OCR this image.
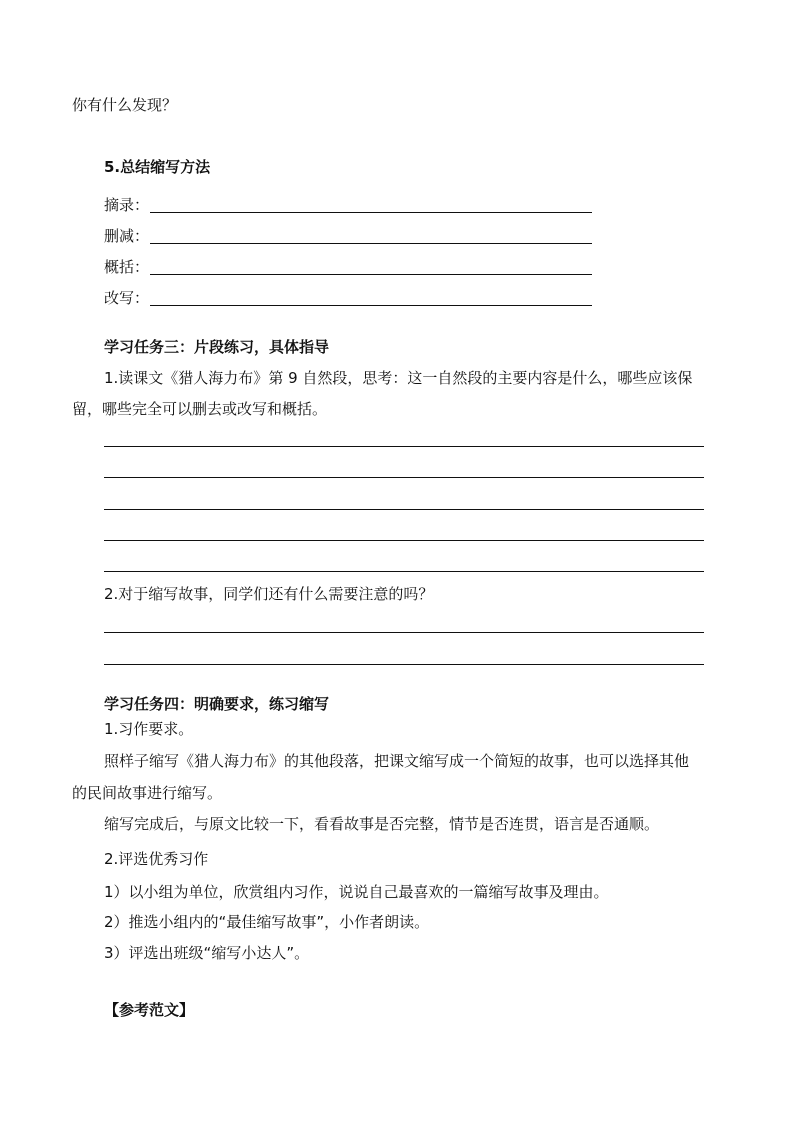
你有什么发现？
5.总结缩写方法
摘录：
删减：
概括：
改写：
学习任务三：片段练习，具体指导
1.读课文《猎人海力布》第 9 自然段，思考：这一自然段的主要内容是什么，哪些应该保
留，哪些完全可以删去或改写和概括。
2.对于缩写故事，同学们还有什么需要注意的吗？
学习任务四：明确要求，练习缩写
1.习作要求。
照样子缩写《猎人海力布》的其他段落，把课文缩写成一个简短的故事，也可以选择其他
的民间故事进行缩写。
缩写完成后，与原文比较一下，看看故事是否完整，情节是否连贯，语言是否通顺。
2.评选优秀习作
1）以小组为单位，欣赏组内习作，说说自己最喜欢的一篇缩写故事及理由。
2）推选小组内的“最佳缩写故事”，小作者朗读。
3）评选出班级“缩写小达人”。
【参考范文】
